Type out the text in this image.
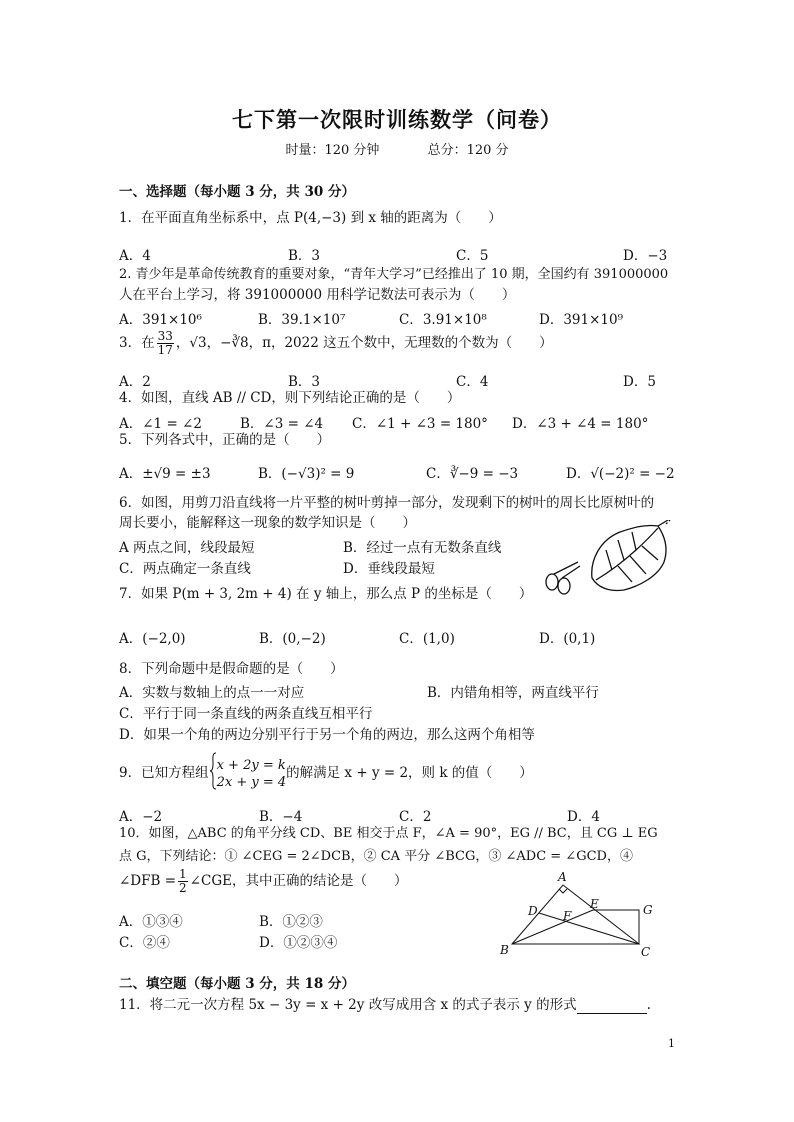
七下第一次限时训练数学（问卷）
时量：120 分钟	总分：120 分
一、选择题（每小题 3 分，共 30 分）
1．在平面直角坐标系中，点 P(4,−3) 到 x 轴的距离为（　　）
A．4	B．3	C．5	D．−3
2. 青少年是革命传统教育的重要对象，“青年大学习”已经推出了 10 期，全国约有 391000000
人在平台上学习，将 391000000 用科学记数法可表示为（　　）
A．391×10⁶	B．39.1×10⁷	C．3.91×10⁸	D．391×10⁹
3．在 $\frac{33}{17}$ ，√3，−∛8，π，2022 这五个数中，无理数的个数为（　　）
A．2	B．3	C．4	D．5
4．如图，直线 AB // CD，则下列结论正确的是（　　）
A．∠1 = ∠2	B．∠3 = ∠4 C．∠1 + ∠3 = 180° D．∠3 + ∠4 = 180°
5．下列各式中，正确的是（　　）
A．±√9 = ±3	B．(−√3)² = 9	C．∛−9 = −3	D．√(−2)² = −2
6．如图，用剪刀沿直线将一片平整的树叶剪掉一部分，发现剩下的树叶的周长比原树叶的
周长要小，能解释这一现象的数学知识是（　　）
A 两点之间，线段最短	B．经过一点有无数条直线
C．两点确定一条直线	D．垂线段最短
7．如果 P(m + 3, 2m + 4) 在 y 轴上，那么点 P 的坐标是（　　）
A．(−2,0)	B．(0,−2)	C．(1,0)	D．(0,1)
8．下列命题中是假命题的是（　　）
A．实数与数轴上的点一一对应	B．内错角相等，两直线平行
C．平行于同一条直线的两条直线互相平行
D．如果一个角的两边分别平行于另一个角的两边，那么这两个角相等
9．已知方程组 x + 2y = k
2x + y = 4
的解满足 x + y = 2，则 k 的值（　　）
A．−2	B．−4	C．2	D．4
10．如图，△ABC 的角平分线 CD、BE 相交于点 F，∠A = 90°，EG // BC，且 CG ⊥ EG
点 G，下列结论：① ∠CEG = 2∠DCB，② CA 平分 ∠BCG，③ ∠ADC = ∠GCD，④
∠DFB = $\frac{1}{2}$ ∠CGE，其中正确的结论是（　　）
A．①③④	B．①②③
C．②④	D．①②③④
A
B	C
D	E
F	G
二、填空题（每小题 3 分，共 18 分）
11．将二元一次方程 5x − 3y = x + 2y 改写成用含 x 的式子表示 y 的形式	.
1
